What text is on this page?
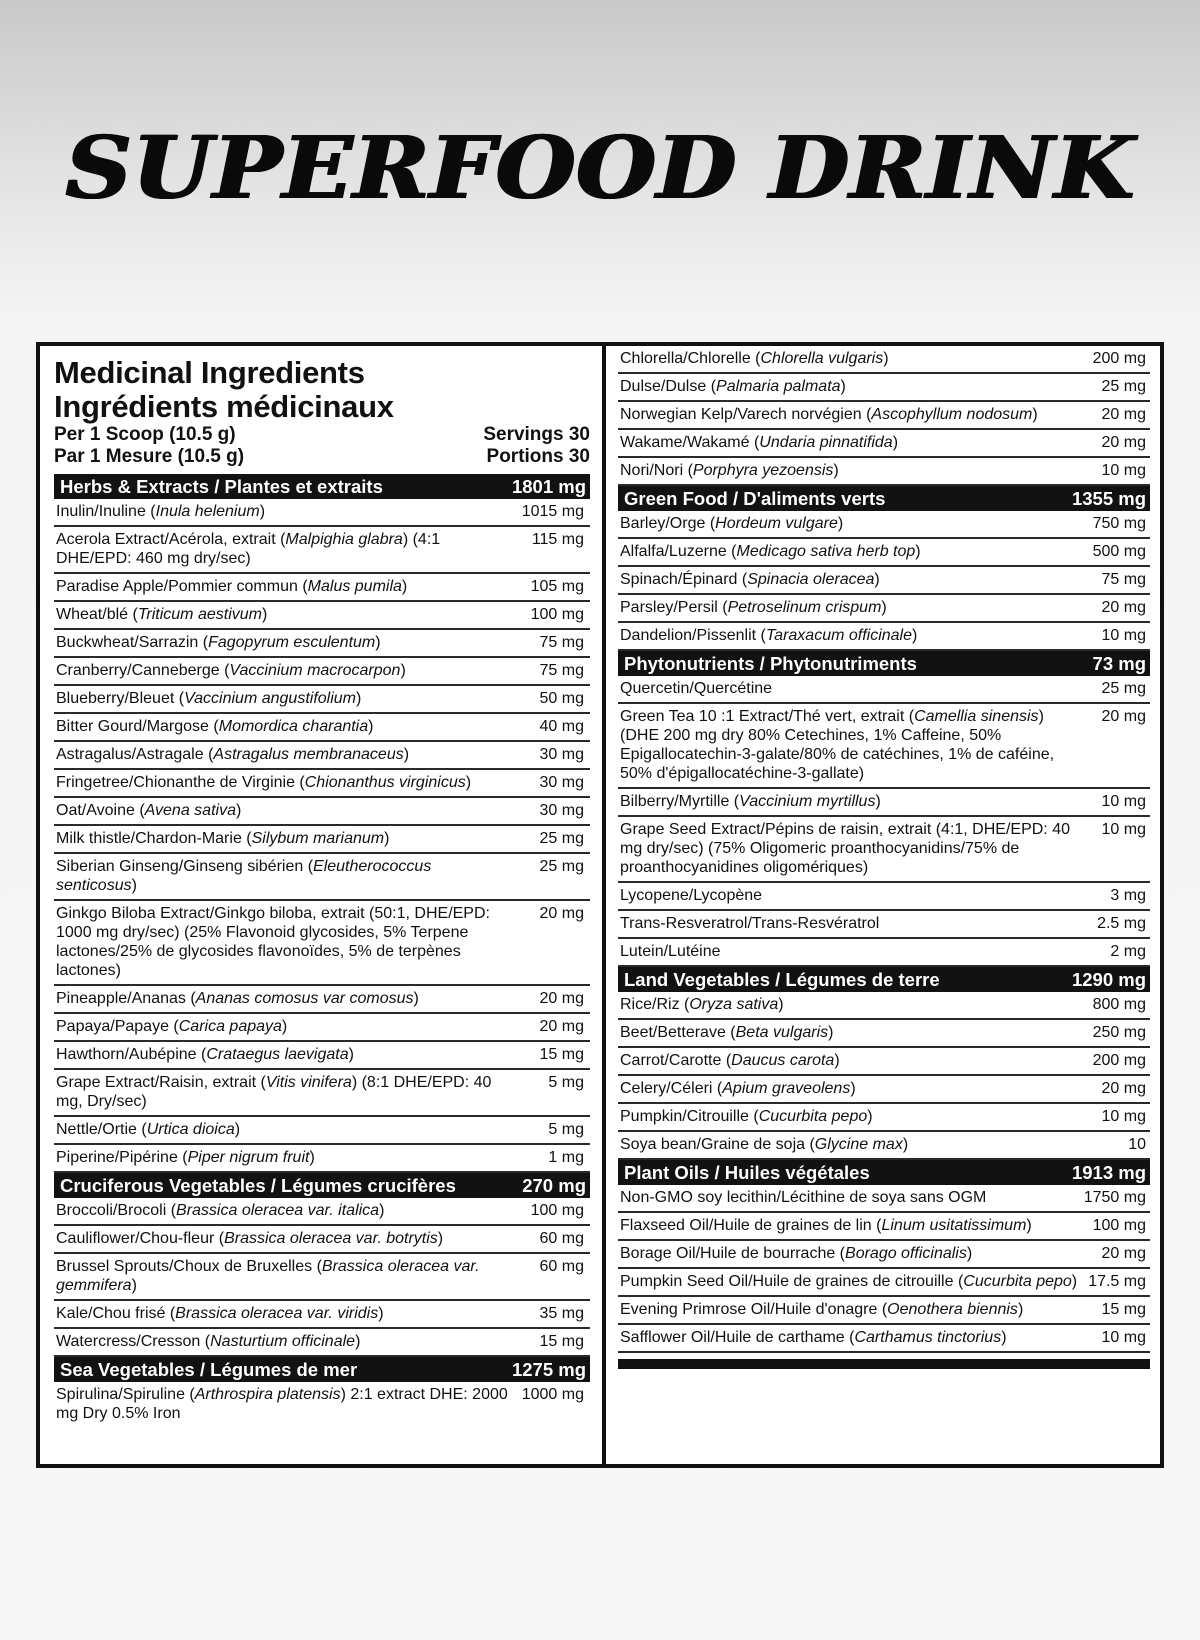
SUPERFOOD DRINK
Medicinal Ingredients
Ingrédients médicinaux
Per 1 Scoop (10.5 g)	Servings 30
Par 1 Mesure (10.5 g)	Portions 30
Herbs & Extracts / Plantes et extraits	1801 mg
Inulin/Inuline (Inula helenium)	1015 mg
Acerola Extract/Acérola, extrait (Malpighia glabra) (4:1 DHE/EPD: 460 mg dry/sec)
115 mg
Paradise Apple/Pommier commun (Malus pumila)	105 mg
Wheat/blé (Triticum aestivum)	100 mg
Buckwheat/Sarrazin (Fagopyrum esculentum)	75 mg
Cranberry/Canneberge (Vaccinium macrocarpon)	75 mg
Blueberry/Bleuet (Vaccinium angustifolium)	50 mg
Bitter Gourd/Margose (Momordica charantia)	40 mg
Astragalus/Astragale (Astragalus membranaceus)	30 mg
Fringetree/Chionanthe de Virginie (Chionanthus virginicus)	30 mg
Oat/Avoine (Avena sativa)	30 mg
Milk thistle/Chardon-Marie (Silybum marianum)	25 mg
Siberian Ginseng/Ginseng sibérien (Eleutherococcus senticosus)
25 mg
Ginkgo Biloba Extract/Ginkgo biloba, extrait (50:1, DHE/EPD: 1000 mg dry/sec) (25% Flavonoid glycosides, 5% Terpene lactones/25% de glycosides flavonoïdes, 5% de terpènes lactones)
20 mg
Pineapple/Ananas (Ananas comosus var comosus)	20 mg
Papaya/Papaye (Carica papaya)	20 mg
Hawthorn/Aubépine (Crataegus laevigata)	15 mg
Grape Extract/Raisin, extrait (Vitis vinifera) (8:1 DHE/EPD: 40 mg, Dry/sec)
5 mg
Nettle/Ortie (Urtica dioica)	5 mg
Piperine/Pipérine (Piper nigrum fruit)	1 mg
Cruciferous Vegetables / Légumes crucifères	270 mg
Broccoli/Brocoli (Brassica oleracea var. italica)	100 mg
Cauliflower/Chou-fleur (Brassica oleracea var. botrytis)	60 mg
Brussel Sprouts/Choux de Bruxelles (Brassica oleracea var. gemmifera)
60 mg
Kale/Chou frisé (Brassica oleracea var. viridis)	35 mg
Watercress/Cresson (Nasturtium officinale)	15 mg
Sea Vegetables / Légumes de mer	1275 mg
Spirulina/Spiruline (Arthrospira platensis) 2:1 extract DHE: 2000 mg Dry 0.5% Iron
1000 mg
Chlorella/Chlorelle (Chlorella vulgaris)	200 mg
Dulse/Dulse (Palmaria palmata)	25 mg
Norwegian Kelp/Varech norvégien (Ascophyllum nodosum)	20 mg
Wakame/Wakamé (Undaria pinnatifida)	20 mg
Nori/Nori (Porphyra yezoensis)	10 mg
Green Food / D'aliments verts	1355 mg
Barley/Orge (Hordeum vulgare)	750 mg
Alfalfa/Luzerne (Medicago sativa herb top)	500 mg
Spinach/Épinard (Spinacia oleracea)	75 mg
Parsley/Persil (Petroselinum crispum)	20 mg
Dandelion/Pissenlit (Taraxacum officinale)	10 mg
Phytonutrients / Phytonutriments	73 mg
Quercetin/Quercétine	25 mg
Green Tea 10 :1 Extract/Thé vert, extrait (Camellia sinensis) (DHE 200 mg dry 80% Cetechines, 1% Caffeine, 50% Epigallocatechin-3-galate/80% de catéchines, 1% de caféine, 50% d'épigallocatéchine-3-gallate)
20 mg
Bilberry/Myrtille (Vaccinium myrtillus)	10 mg
Grape Seed Extract/Pépins de raisin, extrait (4:1, DHE/EPD: 40 mg dry/sec) (75% Oligomeric proanthocyanidins/75% de proanthocyanidines oligomériques)
10 mg
Lycopene/Lycopène	3 mg
Trans-Resveratrol/Trans-Resvératrol	2.5 mg
Lutein/Lutéine	2 mg
Land Vegetables / Légumes de terre	1290 mg
Rice/Riz (Oryza sativa)	800 mg
Beet/Betterave (Beta vulgaris)	250 mg
Carrot/Carotte (Daucus carota)	200 mg
Celery/Céleri (Apium graveolens)	20 mg
Pumpkin/Citrouille (Cucurbita pepo)	10 mg
Soya bean/Graine de soja (Glycine max)	10
Plant Oils / Huiles végétales	1913 mg
Non-GMO soy lecithin/Lécithine de soya sans OGM	1750 mg
Flaxseed Oil/Huile de graines de lin (Linum usitatissimum)	100 mg
Borage Oil/Huile de bourrache (Borago officinalis)	20 mg
Pumpkin Seed Oil/Huile de graines de citrouille (Cucurbita pepo) 17.5 mg
Evening Primrose Oil/Huile d'onagre (Oenothera biennis)	15 mg
Safflower Oil/Huile de carthame (Carthamus tinctorius)	10 mg
